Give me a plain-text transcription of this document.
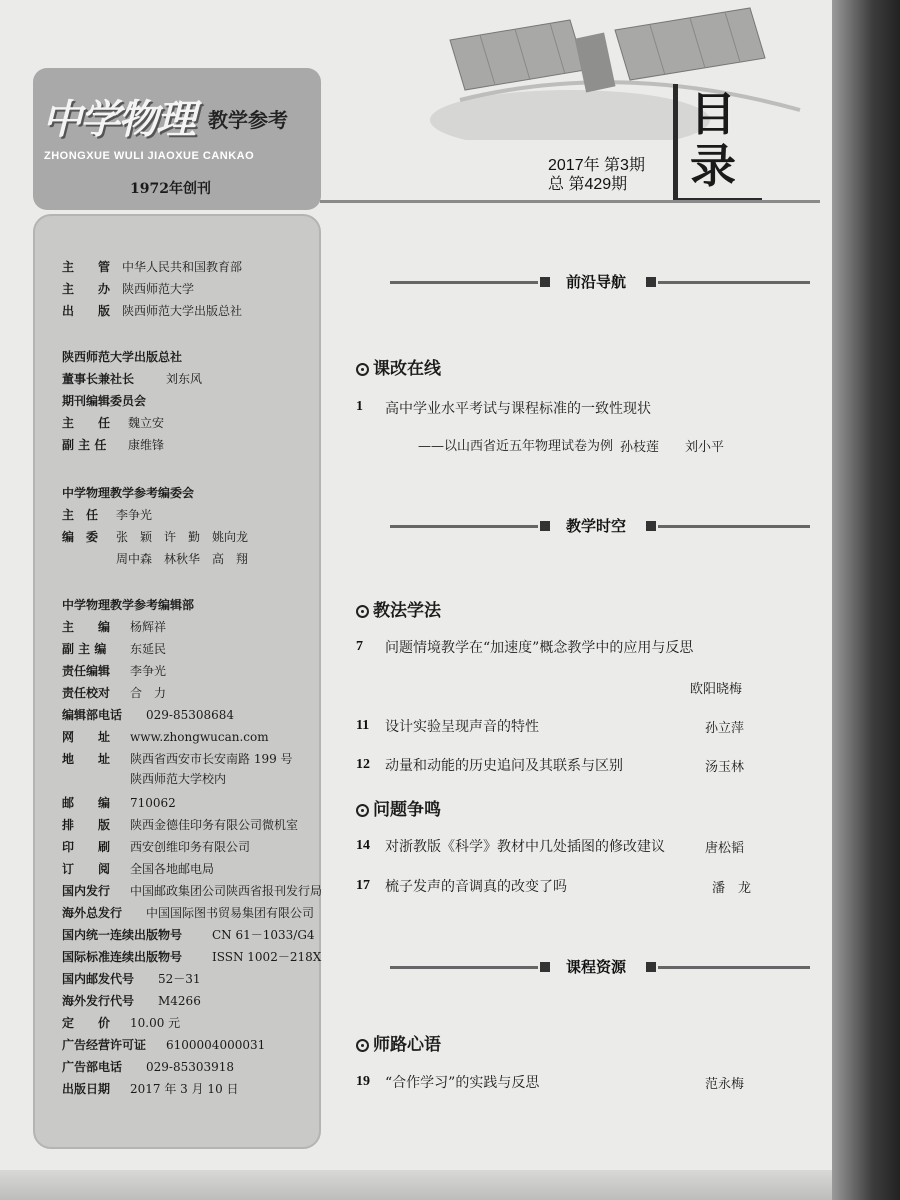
中学物理 教学参考
ZHONGXUE WULI JIAOXUE CANKAO
1972年创刊
2017年 第3期
总 第429期
目录
主　　管 中华人民共和国教育部
主　　办 陕西师范大学
出　　版 陕西师范大学出版总社
陕西师范大学出版总社
董事长兼社长	刘东风
期刊编辑委员会
主　　任 魏立安
副 主 任 康维锋
中学物理教学参考编委会
主　任 李争光
编　委 张　颖　许　勤　姚向龙
周中森　林秋华　高　翔
中学物理教学参考编辑部
主　　编 杨辉祥
副 主 编 东延民
责任编辑 李争光
责任校对 合　力
编辑部电话 029-85308684
网　　址 www.zhongwucan.com
地　　址 陕西省西安市长安南路 199 号
陕西师范大学校内
邮　　编 710062
排　　版 陕西金德佳印务有限公司微机室
印　　刷 西安创维印务有限公司
订　　阅 全国各地邮电局
国内发行 中国邮政集团公司陕西省报刊发行局
海外总发行 中国国际图书贸易集团有限公司
国内统一连续出版物号 CN 61－1033/G4
国际标准连续出版物号 ISSN 1002－218X
国内邮发代号 52－31
海外发行代号 M4266
定　　价 10.00 元
广告经营许可证 6100004000031
广告部电话 029-85303918
出版日期 2017 年 3 月 10 日
前沿导航
课改在线
1 高中学业水平考试与课程标准的一致性现状
——以山西省近五年物理试卷为例 孙枝莲　　刘小平
教学时空
教法学法
7 问题情境教学在“加速度”概念教学中的应用与反思
欧阳晓梅
11 设计实验呈现声音的特性	孙立萍
12 动量和动能的历史追问及其联系与区别	汤玉林
问题争鸣
14 对浙教版《科学》教材中几处插图的修改建议	唐松韬
17 梳子发声的音调真的改变了吗	潘　龙
课程资源
师路心语
19 “合作学习”的实践与反思	范永梅
